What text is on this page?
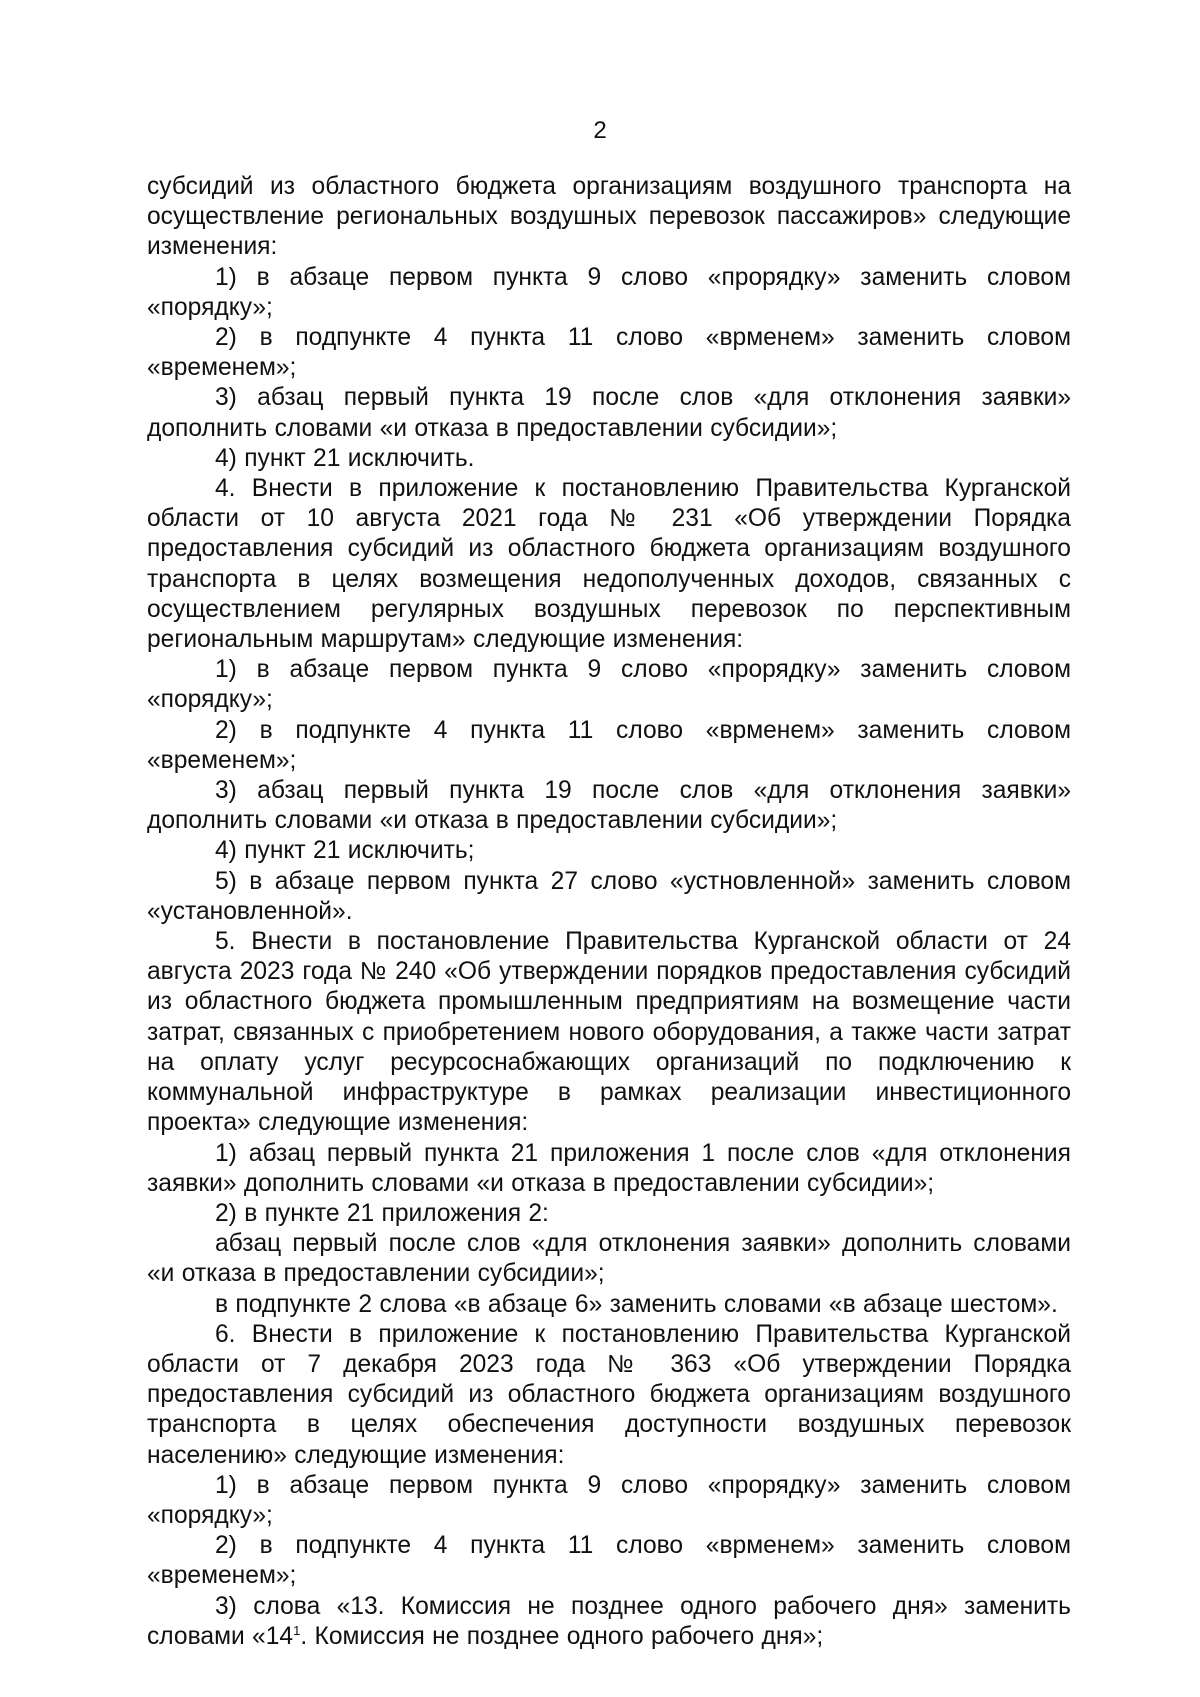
2

субсидий из областного бюджета организациям воздушного транспорта на осуществление региональных воздушных перевозок пассажиров» следующие изменения:

1) в абзаце первом пункта 9 слово «прорядку» заменить словом «порядку»;

2) в подпункте 4 пункта 11 слово «врменем» заменить словом «временем»;

3) абзац первый пункта 19 после слов «для отклонения заявки» дополнить словами «и отказа в предоставлении субсидии»;

4) пункт 21 исключить.

4. Внести в приложение к постановлению Правительства Курганской области от 10 августа 2021 года № 231 «Об утверждении Порядка предоставления субсидий из областного бюджета организациям воздушного транспорта в целях возмещения недополученных доходов, связанных с осуществлением регулярных воздушных перевозок по перспективным региональным маршрутам» следующие изменения:

1) в абзаце первом пункта 9 слово «прорядку» заменить словом «порядку»;

2) в подпункте 4 пункта 11 слово «врменем» заменить словом «временем»;

3) абзац первый пункта 19 после слов «для отклонения заявки» дополнить словами «и отказа в предоставлении субсидии»;

4) пункт 21 исключить;

5) в абзаце первом пункта 27 слово «устновленной» заменить словом «установленной».

5. Внести в постановление Правительства Курганской области от 24 августа 2023 года № 240 «Об утверждении порядков предоставления субсидий из областного бюджета промышленным предприятиям на возмещение части затрат, связанных с приобретением нового оборудования, а также части затрат на оплату услуг ресурсоснабжающих организаций по подключению к коммунальной инфраструктуре в рамках реализации инвестиционного проекта» следующие изменения:

1) абзац первый пункта 21 приложения 1 после слов «для отклонения заявки» дополнить словами «и отказа в предоставлении субсидии»;

2) в пункте 21 приложения 2:

абзац первый после слов «для отклонения заявки» дополнить словами «и отказа в предоставлении субсидии»;

в подпункте 2 слова «в абзаце 6» заменить словами «в абзаце шестом».

6. Внести в приложение к постановлению Правительства Курганской области от 7 декабря 2023 года № 363 «Об утверждении Порядка предоставления субсидий из областного бюджета организациям воздушного транспорта в целях обеспечения доступности воздушных перевозок населению» следующие изменения:

1) в абзаце первом пункта 9 слово «прорядку» заменить словом «порядку»;

2) в подпункте 4 пункта 11 слово «врменем» заменить словом «временем»;

3) слова «13. Комиссия не позднее одного рабочего дня» заменить словами «$14^1$. Комиссия не позднее одного рабочего дня»;
